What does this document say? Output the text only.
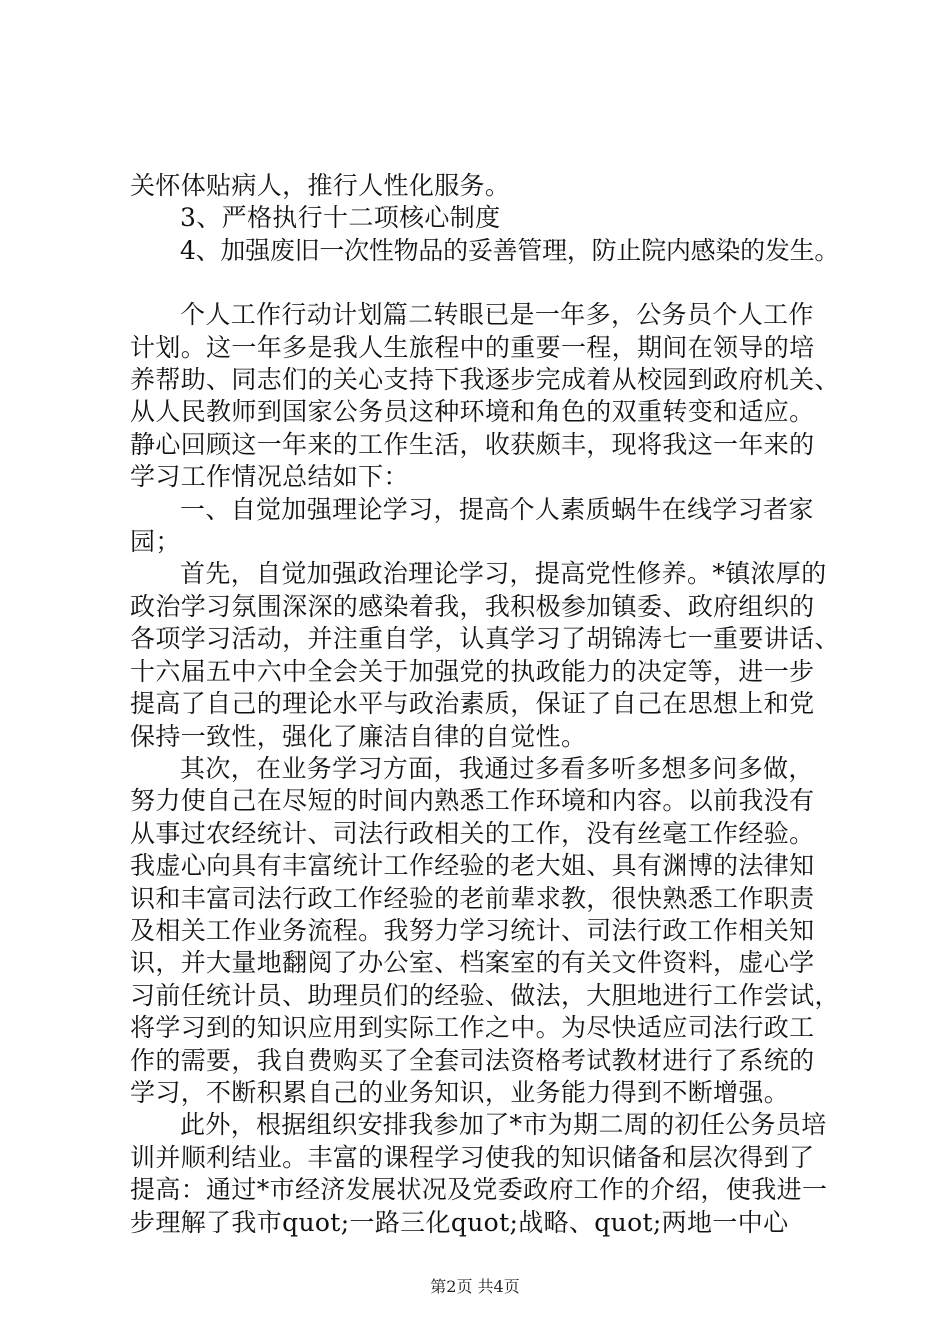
关怀体贴病人，推行人性化服务。

3、严格执行十二项核心制度

4、加强废旧一次性物品的妥善管理，防止院内感染的发生。

个人工作行动计划篇二转眼已是一年多，公务员个人工作

计划。这一年多是我人生旅程中的重要一程，期间在领导的培

养帮助、同志们的关心支持下我逐步完成着从校园到政府机关、

从人民教师到国家公务员这种环境和角色的双重转变和适应。

静心回顾这一年来的工作生活，收获颇丰，现将我这一年来的

学习工作情况总结如下：

一、自觉加强理论学习，提高个人素质蜗牛在线学习者家

园；

首先，自觉加强政治理论学习，提高党性修养。*镇浓厚的

政治学习氛围深深的感染着我，我积极参加镇委、政府组织的

各项学习活动，并注重自学，认真学习了胡锦涛七一重要讲话、

十六届五中六中全会关于加强党的执政能力的决定等，进一步

提高了自己的理论水平与政治素质，保证了自己在思想上和党

保持一致性，强化了廉洁自律的自觉性。

其次，在业务学习方面，我通过多看多听多想多问多做，

努力使自己在尽短的时间内熟悉工作环境和内容。以前我没有

从事过农经统计、司法行政相关的工作，没有丝毫工作经验。

我虚心向具有丰富统计工作经验的老大姐、具有渊博的法律知

识和丰富司法行政工作经验的老前辈求教，很快熟悉工作职责

及相关工作业务流程。我努力学习统计、司法行政工作相关知

识，并大量地翻阅了办公室、档案室的有关文件资料，虚心学

习前任统计员、助理员们的经验、做法，大胆地进行工作尝试，

将学习到的知识应用到实际工作之中。为尽快适应司法行政工

作的需要，我自费购买了全套司法资格考试教材进行了系统的

学习，不断积累自己的业务知识，业务能力得到不断增强。

此外，根据组织安排我参加了*市为期二周的初任公务员培

训并顺利结业。丰富的课程学习使我的知识储备和层次得到了

提高：通过*市经济发展状况及党委政府工作的介绍，使我进一

步理解了我市quot;一路三化quot;战略、quot;两地一中心

第2页 共4页
